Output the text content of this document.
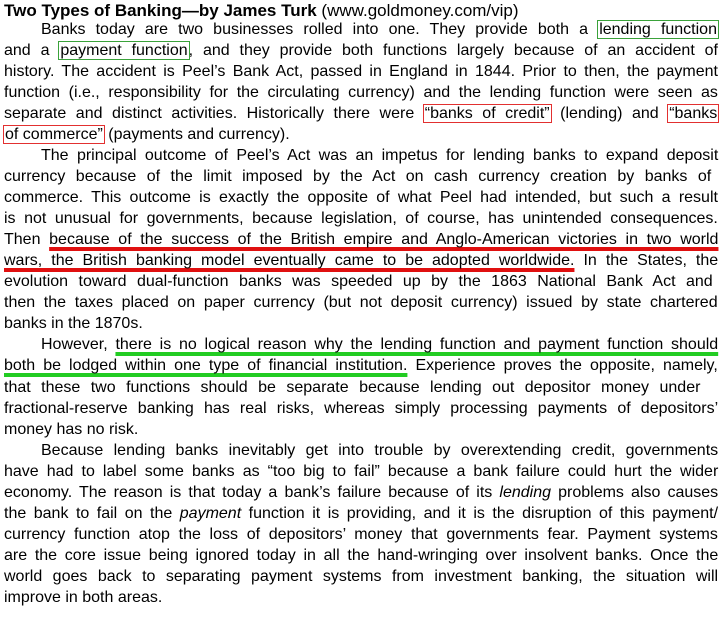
Two Types of Banking—by James Turk (www.goldmoney.com/vip)
Banks today are two businesses rolled into one. They provide both a lending function
and a payment function, and they provide both functions largely because of an accident of
history. The accident is Peel’s Bank Act, passed in England in 1844. Prior to then, the payment
function (i.e., responsibility for the circulating currency) and the lending function were seen as
separate and distinct activities. Historically there were “banks of credit” (lending) and “banks
of commerce” (payments and currency).
The principal outcome of Peel’s Act was an impetus for lending banks to expand deposit
currency because of the limit imposed by the Act on cash currency creation by banks of
commerce. This outcome is exactly the opposite of what Peel had intended, but such a result
is not unusual for governments, because legislation, of course, has unintended consequences.
Then because of the success of the British empire and Anglo-American victories in two world
wars, the British banking model eventually came to be adopted worldwide. In the States, the
evolution toward dual-function banks was speeded up by the 1863 National Bank Act and
then the taxes placed on paper currency (but not deposit currency) issued by state chartered
banks in the 1870s.
However, there is no logical reason why the lending function and payment function should
both be lodged within one type of financial institution. Experience proves the opposite, namely,
that these two functions should be separate because lending out depositor money under
fractional-reserve banking has real risks, whereas simply processing payments of depositors’
money has no risk.
Because lending banks inevitably get into trouble by overextending credit, governments
have had to label some banks as “too big to fail” because a bank failure could hurt the wider
economy. The reason is that today a bank’s failure because of its lending problems also causes
the bank to fail on the payment function it is providing, and it is the disruption of this payment/
currency function atop the loss of depositors’ money that governments fear. Payment systems
are the core issue being ignored today in all the hand-wringing over insolvent banks. Once the
world goes back to separating payment systems from investment banking, the situation will
improve in both areas.
